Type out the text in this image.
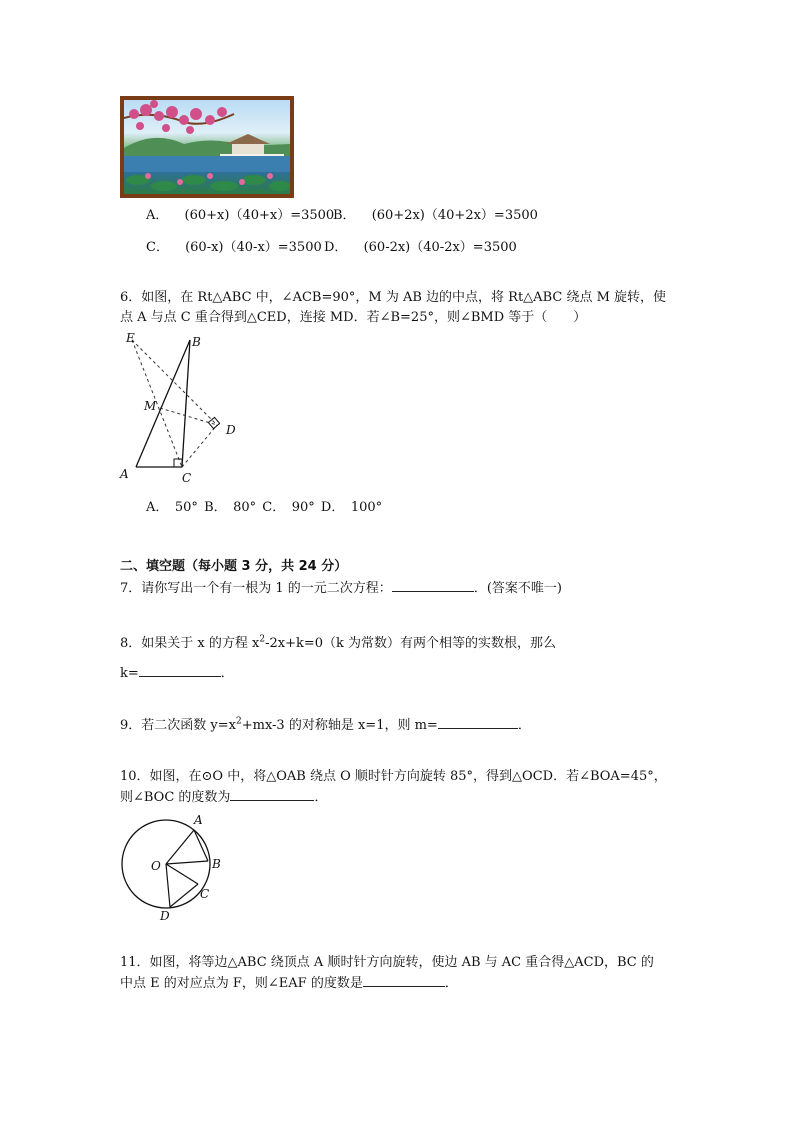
A． (60+x)（40+x）=3500
B． (60+2x)（40+2x）=3500
C． (60-x)（40-x）=3500 D． (60-2x)（40-2x）=3500
6．如图，在 Rt△ABC 中，∠ACB=90°，M 为 AB 边的中点，将 Rt△ABC 绕点 M 旋转，使
点 A 与点 C 重合得到△CED，连接 MD．若∠B=25°，则∠BMD 等于（　　）
E	B
M
D
A	C
A．　50° B．　80° C．　90° D．　100°
二、填空题（每小题 3 分，共 24 分）
7．请你写出一个有一根为 1 的一元二次方程：	．(答案不唯一)
8．如果关于 x 的方程 $x^2-2x+k=0(k$ 为常数）有两个相等的实数根，那么
k=	．
9．若二次函数 $y=x^2+mx-3$ 的对称轴是 x=1，则 m=	．
10．如图，在⊙O 中，将△OAB 绕点 O 顺时针方向旋转 85°，得到△OCD．若∠BOA=45°，
则∠BOC 的度数为	．
A
O	B
C
D
11．如图，将等边△ABC 绕顶点 A 顺时针方向旋转，使边 AB 与 AC 重合得△ACD，BC 的
中点 E 的对应点为 F，则∠EAF 的度数是	．
